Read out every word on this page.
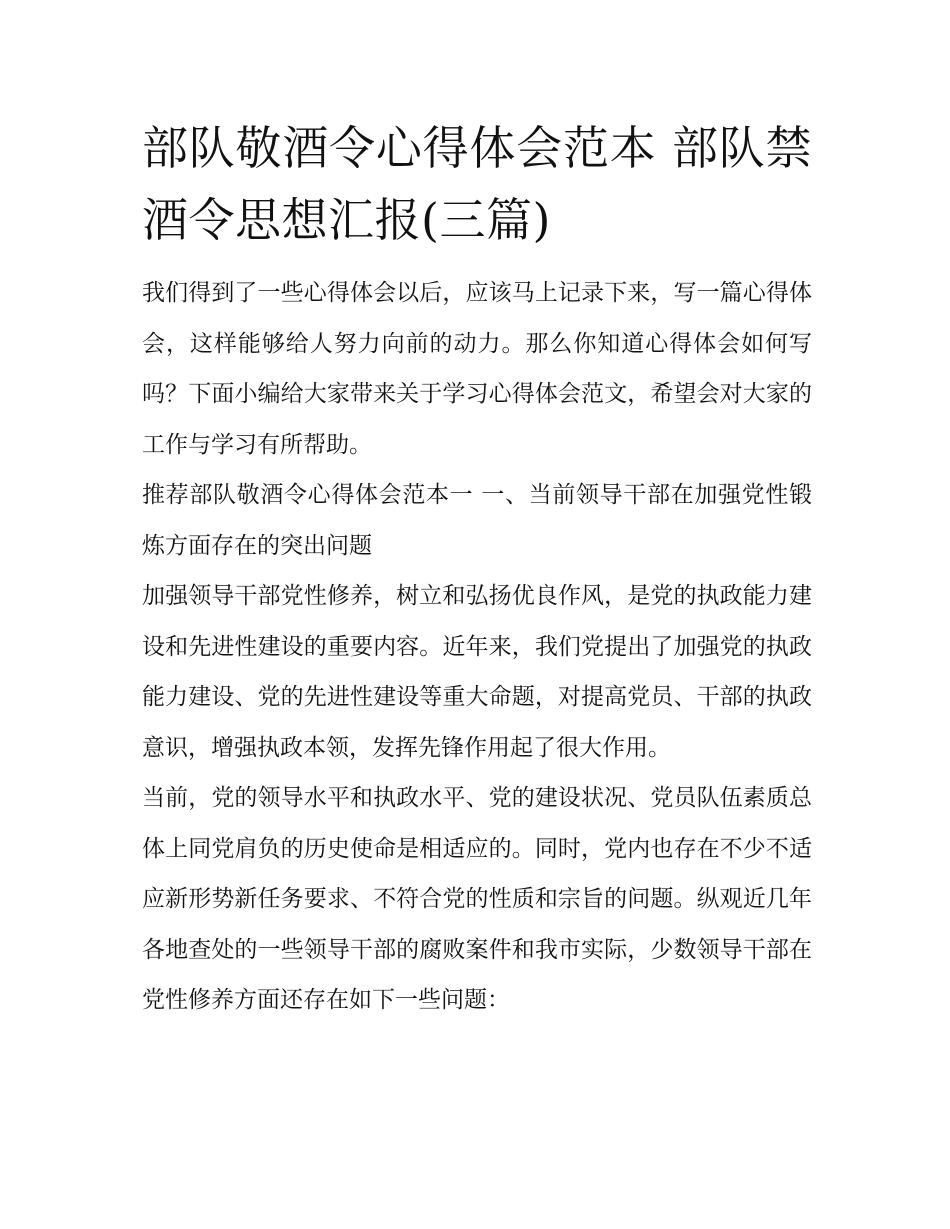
部队敬酒令心得体会范本 部队禁酒令思想汇报(三篇)

我们得到了一些心得体会以后，应该马上记录下来，写一篇心得体会，这样能够给人努力向前的动力。那么你知道心得体会如何写吗？下面小编给大家带来关于学习心得体会范文，希望会对大家的工作与学习有所帮助。

推荐部队敬酒令心得体会范本一 一、当前领导干部在加强党性锻炼方面存在的突出问题

加强领导干部党性修养，树立和弘扬优良作风，是党的执政能力建设和先进性建设的重要内容。近年来，我们党提出了加强党的执政能力建设、党的先进性建设等重大命题，对提高党员、干部的执政意识，增强执政本领，发挥先锋作用起了很大作用。

当前，党的领导水平和执政水平、党的建设状况、党员队伍素质总体上同党肩负的历史使命是相适应的。同时，党内也存在不少不适应新形势新任务要求、不符合党的性质和宗旨的问题。纵观近几年各地查处的一些领导干部的腐败案件和我市实际，少数领导干部在党性修养方面还存在如下一些问题：
